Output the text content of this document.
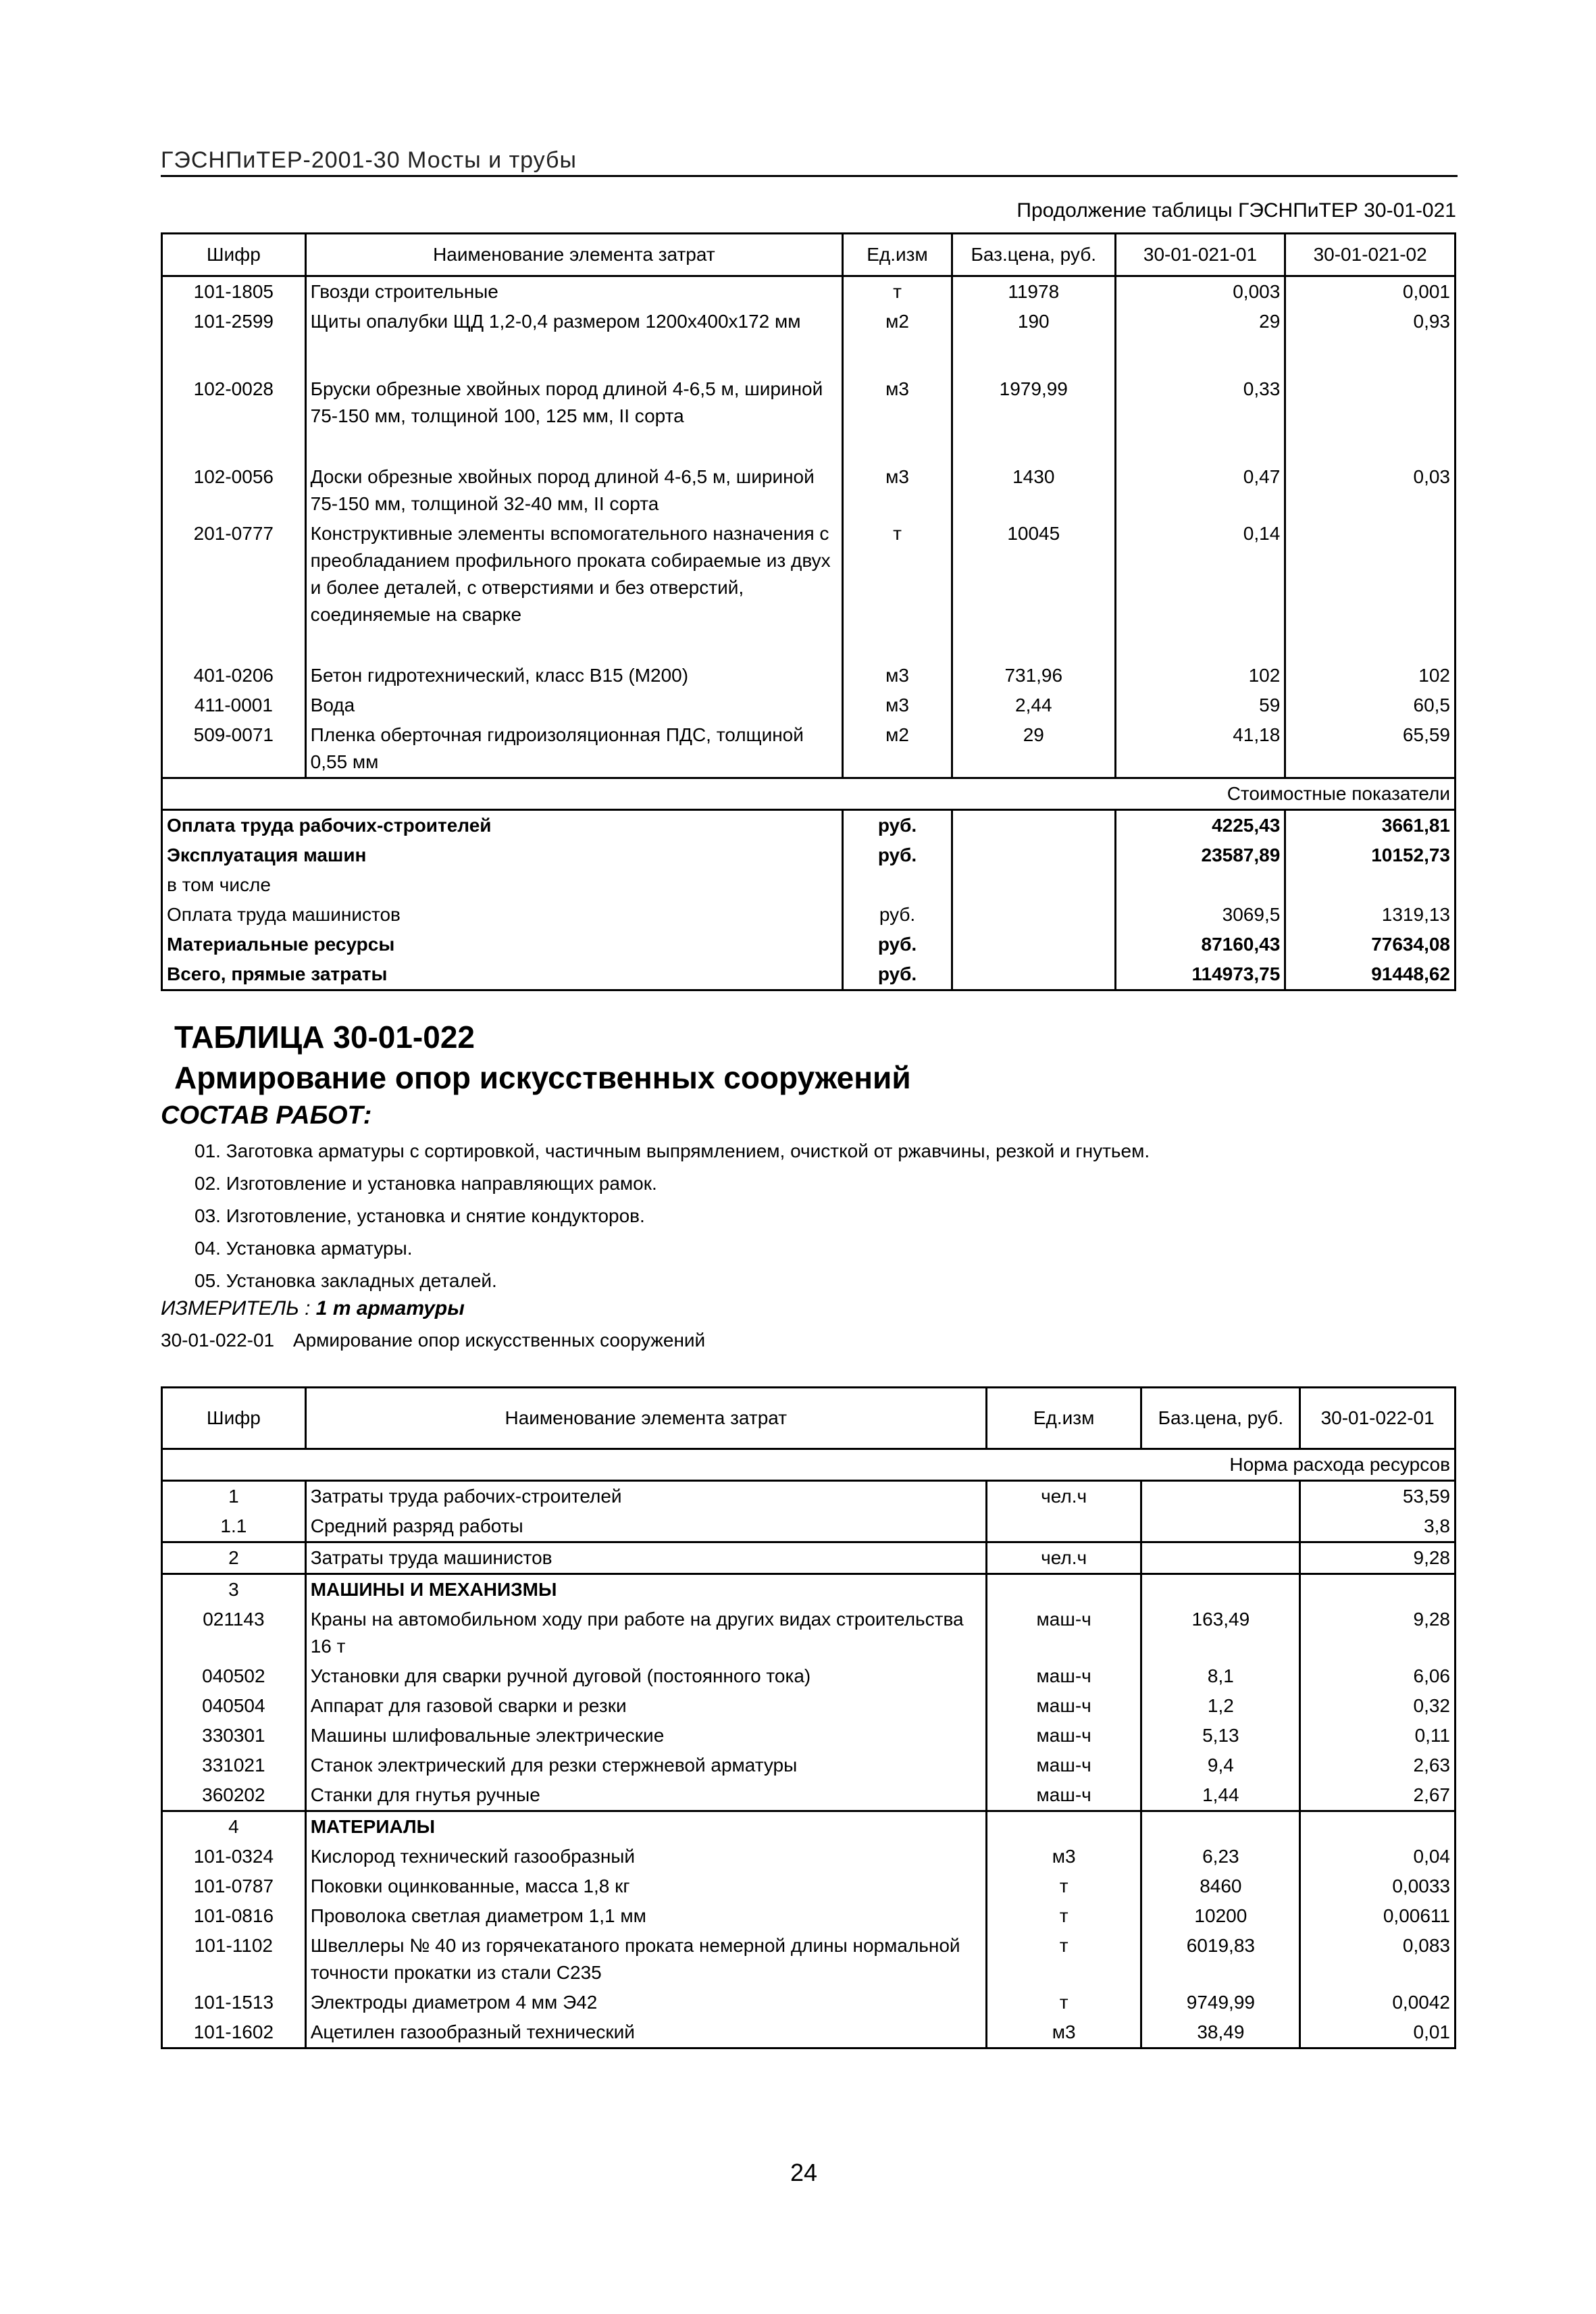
ГЭСНПиТЕР-2001-30 Мосты и трубы
Продолжение таблицы ГЭСНПиТЕР 30-01-021
Шифр	Наименование элемента затрат	Ед.изм	Баз.цена, руб.	30-01-021-01	30-01-021-02
101-1805	Гвозди строительные	т	11978	0,003	0,001
101-2599	Щиты опалубки ЩД 1,2-0,4 размером 1200х400х172 мм	м2	190	29	0,93
102-0028	Бруски обрезные хвойных пород длиной 4-6,5 м, шириной 75-150 мм, толщиной 100, 125 мм, II сорта	м3	1979,99	0,33	
102-0056	Доски обрезные хвойных пород длиной 4-6,5 м, шириной 75-150 мм, толщиной 32-40 мм, II сорта	м3	1430	0,47	0,03
201-0777	Конструктивные элементы вспомогательного назначения с преобладанием профильного проката собираемые из двух и более деталей, с отверстиями и без отверстий, соединяемые на сварке	т	10045	0,14	
401-0206	Бетон гидротехнический, класс В15 (М200)	м3	731,96	102	102
411-0001	Вода	м3	2,44	59	60,5
509-0071	Пленка оберточная гидроизоляционная ПДС, толщиной 0,55 мм	м2	29	41,18	65,59
Стоимостные показатели					
Оплата труда рабочих-строителей		руб.		4225,43	3661,81
Эксплуатация машин		руб.		23587,89	10152,73
в том числе					
Оплата труда машинистов		руб.		3069,5	1319,13
Материальные ресурсы		руб.		87160,43	77634,08
Всего, прямые затраты		руб.		114973,75	91448,62
ТАБЛИЦА 30-01-022
Армирование опор искусственных сооружений
СОСТАВ РАБОТ:
01. Заготовка арматуры с сортировкой, частичным выпрямлением, очисткой от ржавчины, резкой и гнутьем.
02. Изготовление и установка направляющих рамок.
03. Изготовление, установка и снятие кондукторов.
04. Установка арматуры.
05. Установка закладных деталей.
ИЗМЕРИТЕЛЬ : 1 т арматуры
30-01-022-01 Армирование опор искусственных сооружений
Шифр	Наименование элемента затрат	Ед.изм	Баз.цена, руб.	30-01-022-01
Норма расхода ресурсов				
1	Затраты труда рабочих-строителей	чел.ч		53,59
1.1	Средний разряд работы			3,8
2	Затраты труда машинистов	чел.ч		9,28
3	МАШИНЫ И МЕХАНИЗМЫ			
021143	Краны на автомобильном ходу при работе на других видах строительства 16 т	маш-ч	163,49	9,28
040502	Установки для сварки ручной дуговой (постоянного тока)	маш-ч	8,1	6,06
040504	Аппарат для газовой сварки и резки	маш-ч	1,2	0,32
330301	Машины шлифовальные электрические	маш-ч	5,13	0,11
331021	Станок электрический для резки стержневой арматуры	маш-ч	9,4	2,63
360202	Станки для гнутья ручные	маш-ч	1,44	2,67
4	МАТЕРИАЛЫ			
101-0324	Кислород технический газообразный	м3	6,23	0,04
101-0787	Поковки оцинкованные, масса 1,8 кг	т	8460	0,0033
101-0816	Проволока светлая диаметром 1,1 мм	т	10200	0,00611
101-1102	Швеллеры № 40 из горячекатаного проката немерной длины нормальной точности прокатки из стали С235	т	6019,83	0,083
101-1513	Электроды диаметром 4 мм Э42	т	9749,99	0,0042
101-1602	Ацетилен газообразный технический	м3	38,49	0,01
24
